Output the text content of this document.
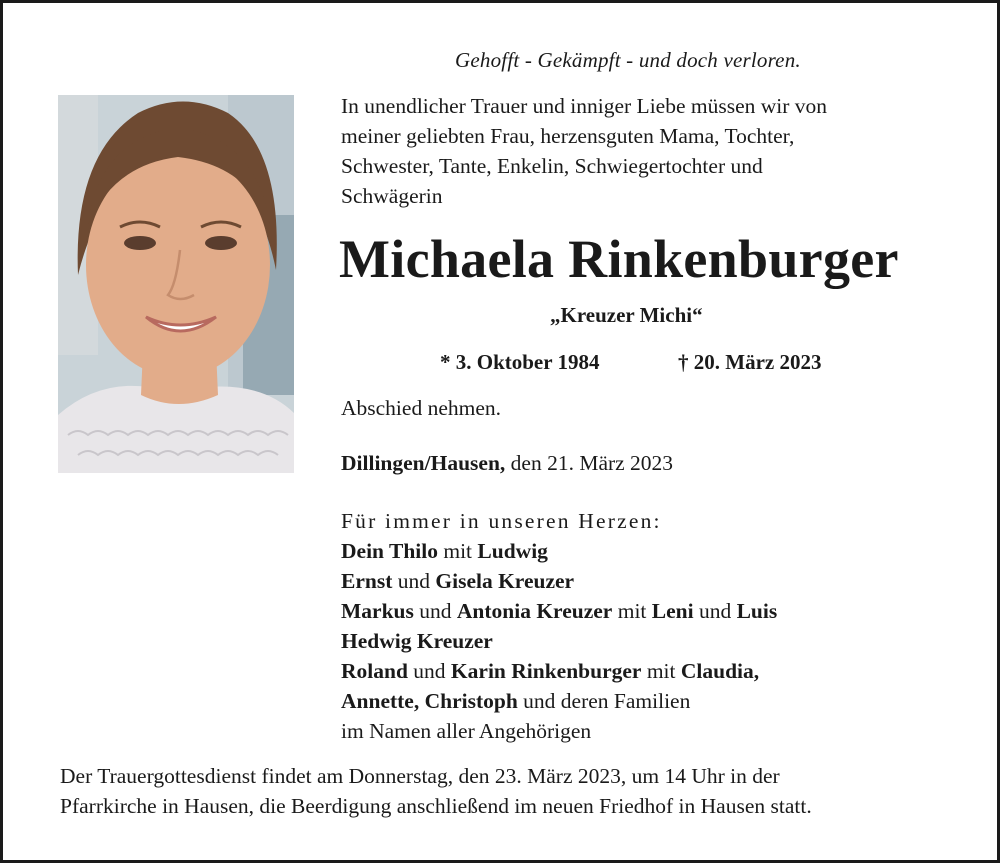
Gehofft - Gekämpft - und doch verloren.
In unendlicher Trauer und inniger Liebe müssen wir von
meiner geliebten Frau, herzensguten Mama, Tochter,
Schwester, Tante, Enkelin, Schwiegertochter und
Schwägerin
Michaela Rinkenburger
„Kreuzer Michi“
* 3. Oktober 1984	† 20. März 2023
Abschied nehmen.
Dillingen/Hausen, den 21. März 2023
Für immer in unseren Herzen:
Dein Thilo mit Ludwig
Ernst und Gisela Kreuzer
Markus und Antonia Kreuzer mit Leni und Luis
Hedwig Kreuzer
Roland und Karin Rinkenburger mit Claudia,
Annette, Christoph und deren Familien
im Namen aller Angehörigen
Der Trauergottesdienst findet am Donnerstag, den 23. März 2023, um 14 Uhr in der
Pfarrkirche in Hausen, die Beerdigung anschließend im neuen Friedhof in Hausen statt.
